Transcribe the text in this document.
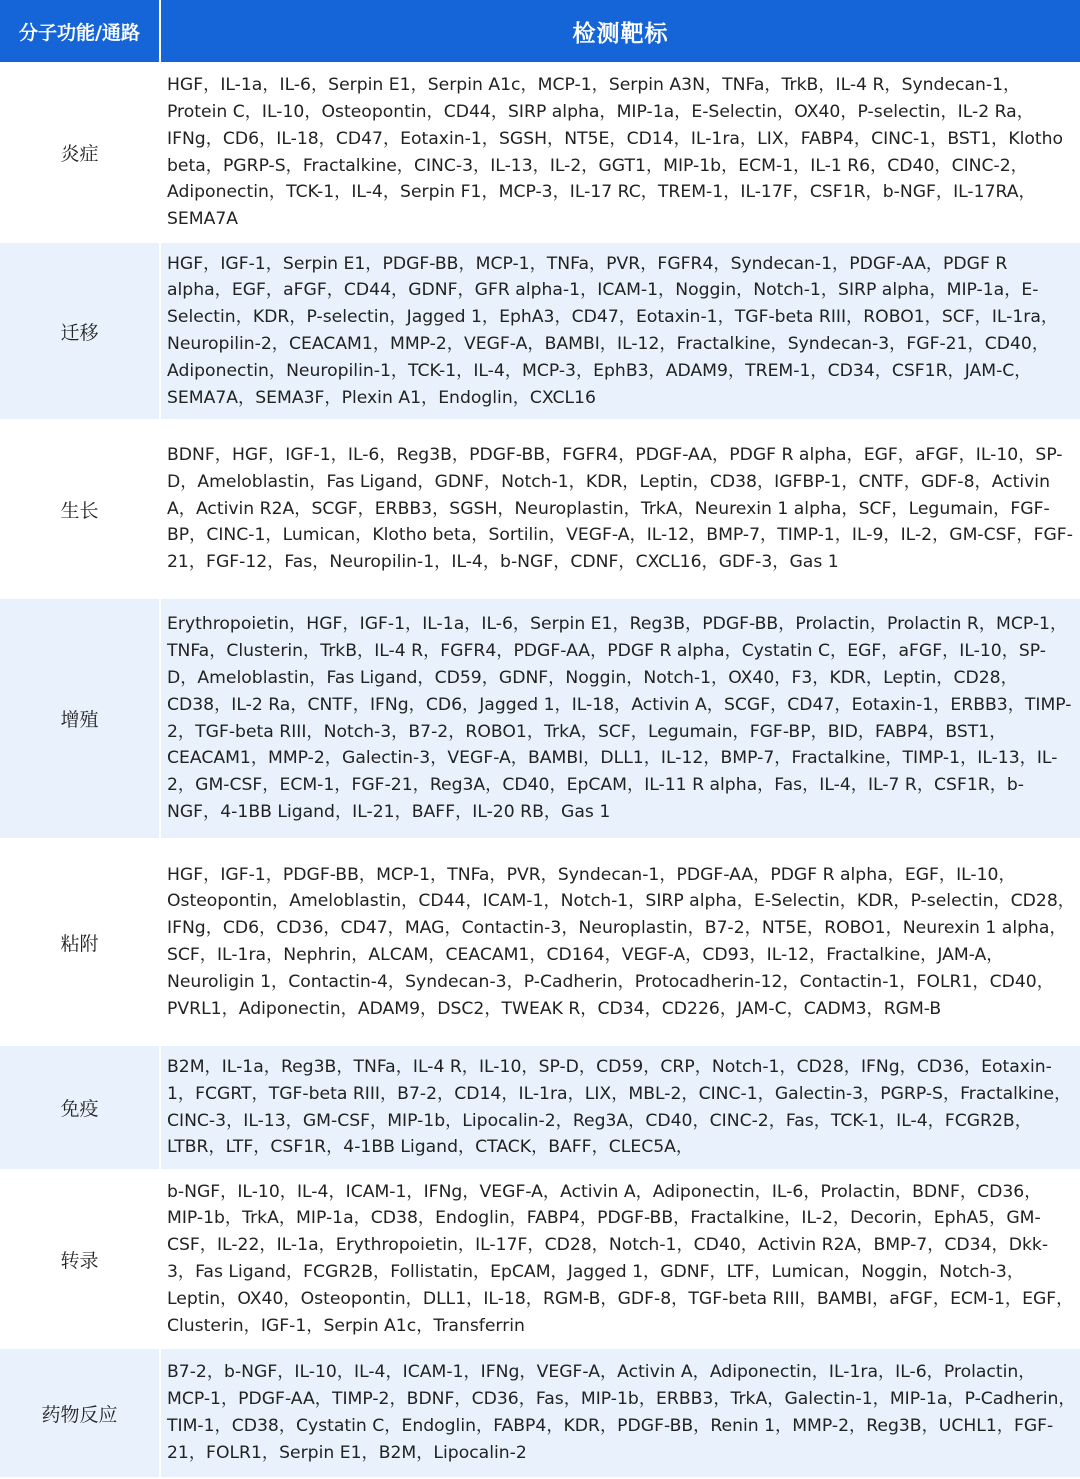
分子功能/通路	检测靶标
炎症	HGF，IL-1a，IL-6，Serpin E1，Serpin A1c，MCP-1，Serpin A3N，TNFa，TrkB，IL-4 R，Syndecan-1，Protein C，IL-10，Osteopontin，CD44，SIRP alpha，MIP-1a，E-Selectin，OX40，P-selectin，IL-2 Ra，IFNg，CD6，IL-18，CD47，Eotaxin-1，SGSH，NT5E，CD14，IL-1ra，LIX，FABP4，CINC-1，BST1，Klotho beta，PGRP-S，Fractalkine，CINC-3，IL-13，IL-2，GGT1，MIP-1b，ECM-1，IL-1 R6，CD40，CINC-2，Adiponectin，TCK-1，IL-4，Serpin F1，MCP-3，IL-17 RC，TREM-1，IL-17F，CSF1R，b-NGF，IL-17RA，SEMA7A
迁移	HGF，IGF-1，Serpin E1，PDGF-BB，MCP-1，TNFa，PVR，FGFR4，Syndecan-1，PDGF-AA，PDGF R alpha，EGF，aFGF，CD44，GDNF，GFR alpha-1，ICAM-1，Noggin，Notch-1，SIRP alpha，MIP-1a，E-Selectin，KDR，P-selectin，Jagged 1，EphA3，CD47，Eotaxin-1，TGF-beta RIII，ROBO1，SCF，IL-1ra，Neuropilin-2，CEACAM1，MMP-2，VEGF-A，BAMBI，IL-12，Fractalkine，Syndecan-3，FGF-21，CD40，Adiponectin，Neuropilin-1，TCK-1，IL-4，MCP-3，EphB3，ADAM9，TREM-1，CD34，CSF1R，JAM-C，SEMA7A，SEMA3F，Plexin A1，Endoglin，CXCL16
生长	BDNF，HGF，IGF-1，IL-6，Reg3B，PDGF-BB，FGFR4，PDGF-AA，PDGF R alpha，EGF，aFGF，IL-10，SP-D，Ameloblastin，Fas Ligand，GDNF，Notch-1，KDR，Leptin，CD38，IGFBP-1，CNTF，GDF-8，Activin A，Activin R2A，SCGF，ERBB3，SGSH，Neuroplastin，TrkA，Neurexin 1 alpha，SCF，Legumain，FGF-BP，CINC-1，Lumican，Klotho beta，Sortilin，VEGF-A，IL-12，BMP-7，TIMP-1，IL-9，IL-2，GM-CSF，FGF-21，FGF-12，Fas，Neuropilin-1，IL-4，b-NGF，CDNF，CXCL16，GDF-3，Gas 1
增殖	Erythropoietin，HGF，IGF-1，IL-1a，IL-6，Serpin E1，Reg3B，PDGF-BB，Prolactin，Prolactin R，MCP-1，TNFa，Clusterin，TrkB，IL-4 R，FGFR4，PDGF-AA，PDGF R alpha，Cystatin C，EGF，aFGF，IL-10，SP-D，Ameloblastin，Fas Ligand，CD59，GDNF，Noggin，Notch-1，OX40，F3，KDR，Leptin，CD28，CD38，IL-2 Ra，CNTF，IFNg，CD6，Jagged 1，IL-18，Activin A，SCGF，CD47，Eotaxin-1，ERBB3，TIMP-2，TGF-beta RIII，Notch-3，B7-2，ROBO1，TrkA，SCF，Legumain，FGF-BP，BID，FABP4，BST1，CEACAM1，MMP-2，Galectin-3，VEGF-A，BAMBI，DLL1，IL-12，BMP-7，Fractalkine，TIMP-1，IL-13，IL-2，GM-CSF，ECM-1，FGF-21，Reg3A，CD40，EpCAM，IL-11 R alpha，Fas，IL-4，IL-7 R，CSF1R，b-NGF，4-1BB Ligand，IL-21，BAFF，IL-20 RB，Gas 1
粘附	HGF，IGF-1，PDGF-BB，MCP-1，TNFa，PVR，Syndecan-1，PDGF-AA，PDGF R alpha，EGF，IL-10，Osteopontin，Ameloblastin，CD44，ICAM-1，Notch-1，SIRP alpha，E-Selectin，KDR，P-selectin，CD28，IFNg，CD6，CD36，CD47，MAG，Contactin-3，Neuroplastin，B7-2，NT5E，ROBO1，Neurexin 1 alpha，SCF，IL-1ra，Nephrin，ALCAM，CEACAM1，CD164，VEGF-A，CD93，IL-12，Fractalkine，JAM-A，Neuroligin 1，Contactin-4，Syndecan-3，P-Cadherin，Protocadherin-12，Contactin-1，FOLR1，CD40，PVRL1，Adiponectin，ADAM9，DSC2，TWEAK R，CD34，CD226，JAM-C，CADM3，RGM-B
免疫	B2M，IL-1a，Reg3B，TNFa，IL-4 R，IL-10，SP-D，CD59，CRP，Notch-1，CD28，IFNg，CD36，Eotaxin-1，FCGRT，TGF-beta RIII，B7-2，CD14，IL-1ra，LIX，MBL-2，CINC-1，Galectin-3，PGRP-S，Fractalkine，CINC-3，IL-13，GM-CSF，MIP-1b，Lipocalin-2，Reg3A，CD40，CINC-2，Fas，TCK-1，IL-4，FCGR2B，LTBR，LTF，CSF1R，4-1BB Ligand，CTACK，BAFF，CLEC5A，
转录	b-NGF，IL-10，IL-4，ICAM-1，IFNg，VEGF-A，Activin A，Adiponectin，IL-6，Prolactin，BDNF，CD36，MIP-1b，TrkA，MIP-1a，CD38，Endoglin，FABP4，PDGF-BB，Fractalkine，IL-2，Decorin，EphA5，GM-CSF，IL-22，IL-1a，Erythropoietin，IL-17F，CD28，Notch-1，CD40，Activin R2A，BMP-7，CD34，Dkk-3，Fas Ligand，FCGR2B，Follistatin，EpCAM，Jagged 1，GDNF，LTF，Lumican，Noggin，Notch-3，Leptin，OX40，Osteopontin，DLL1，IL-18，RGM-B，GDF-8，TGF-beta RIII，BAMBI，aFGF，ECM-1，EGF，Clusterin，IGF-1，Serpin A1c，Transferrin
药物反应	B7-2，b-NGF，IL-10，IL-4，ICAM-1，IFNg，VEGF-A，Activin A，Adiponectin，IL-1ra，IL-6，Prolactin，MCP-1，PDGF-AA，TIMP-2，BDNF，CD36，Fas，MIP-1b，ERBB3，TrkA，Galectin-1，MIP-1a，P-Cadherin，TIM-1，CD38，Cystatin C，Endoglin，FABP4，KDR，PDGF-BB，Renin 1，MMP-2，Reg3B，UCHL1，FGF-21，FOLR1，Serpin E1，B2M，Lipocalin-2
